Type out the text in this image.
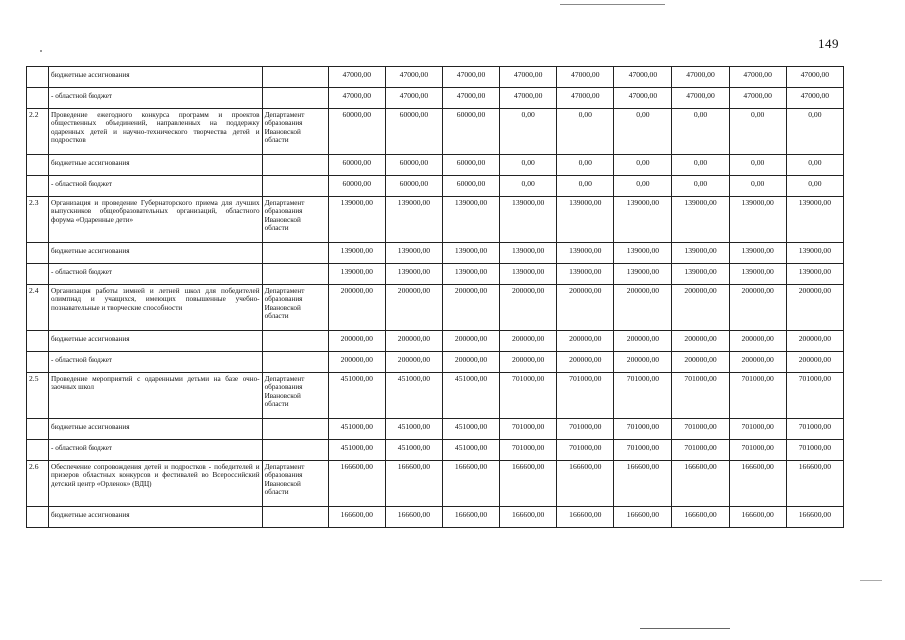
149
	бюджетные ассигнования		47000,00	47000,00	47000,00	47000,00	47000,00	47000,00	47000,00	47000,00	47000,00
	- областной бюджет		47000,00	47000,00	47000,00	47000,00	47000,00	47000,00	47000,00	47000,00	47000,00
2.2	Проведение ежегодного конкурса программ и проектов общественных объединений, направленных на поддержку одаренных детей и научно-технического творчества детей и подростков	Департамент образования Ивановской области	60000,00	60000,00	60000,00	0,00	0,00	0,00	0,00	0,00	0,00
	бюджетные ассигнования		60000,00	60000,00	60000,00	0,00	0,00	0,00	0,00	0,00	0,00
	- областной бюджет		60000,00	60000,00	60000,00	0,00	0,00	0,00	0,00	0,00	0,00
2.3	Организация и проведение Губернаторского приема для лучших выпускников общеобразовательных организаций, областного форума «Одаренные дети»	Департамент образования Ивановской области	139000,00	139000,00	139000,00	139000,00	139000,00	139000,00	139000,00	139000,00	139000,00
	бюджетные ассигнования		139000,00	139000,00	139000,00	139000,00	139000,00	139000,00	139000,00	139000,00	139000,00
	- областной бюджет		139000,00	139000,00	139000,00	139000,00	139000,00	139000,00	139000,00	139000,00	139000,00
2.4	Организация работы зимней и летней школ для победителей олимпиад и учащихся, имеющих повышенные учебно-познавательные и творческие способности	Департамент образования Ивановской области	200000,00	200000,00	200000,00	200000,00	200000,00	200000,00	200000,00	200000,00	200000,00
	бюджетные ассигнования		200000,00	200000,00	200000,00	200000,00	200000,00	200000,00	200000,00	200000,00	200000,00
	- областной бюджет		200000,00	200000,00	200000,00	200000,00	200000,00	200000,00	200000,00	200000,00	200000,00
2.5	Проведение мероприятий с одаренными детьми на базе очно-заочных школ	Департамент образования Ивановской области	451000,00	451000,00	451000,00	701000,00	701000,00	701000,00	701000,00	701000,00	701000,00
	бюджетные ассигнования		451000,00	451000,00	451000,00	701000,00	701000,00	701000,00	701000,00	701000,00	701000,00
	- областной бюджет		451000,00	451000,00	451000,00	701000,00	701000,00	701000,00	701000,00	701000,00	701000,00
2.6	Обеспечение сопровождения детей и подростков - победителей и призеров областных конкурсов и фестивалей во Всероссийский детский центр «Орленок» (ВДЦ)	Департамент образования Ивановской области	166600,00	166600,00	166600,00	166600,00	166600,00	166600,00	166600,00	166600,00	166600,00
	бюджетные ассигнования		166600,00	166600,00	166600,00	166600,00	166600,00	166600,00	166600,00	166600,00	166600,00
